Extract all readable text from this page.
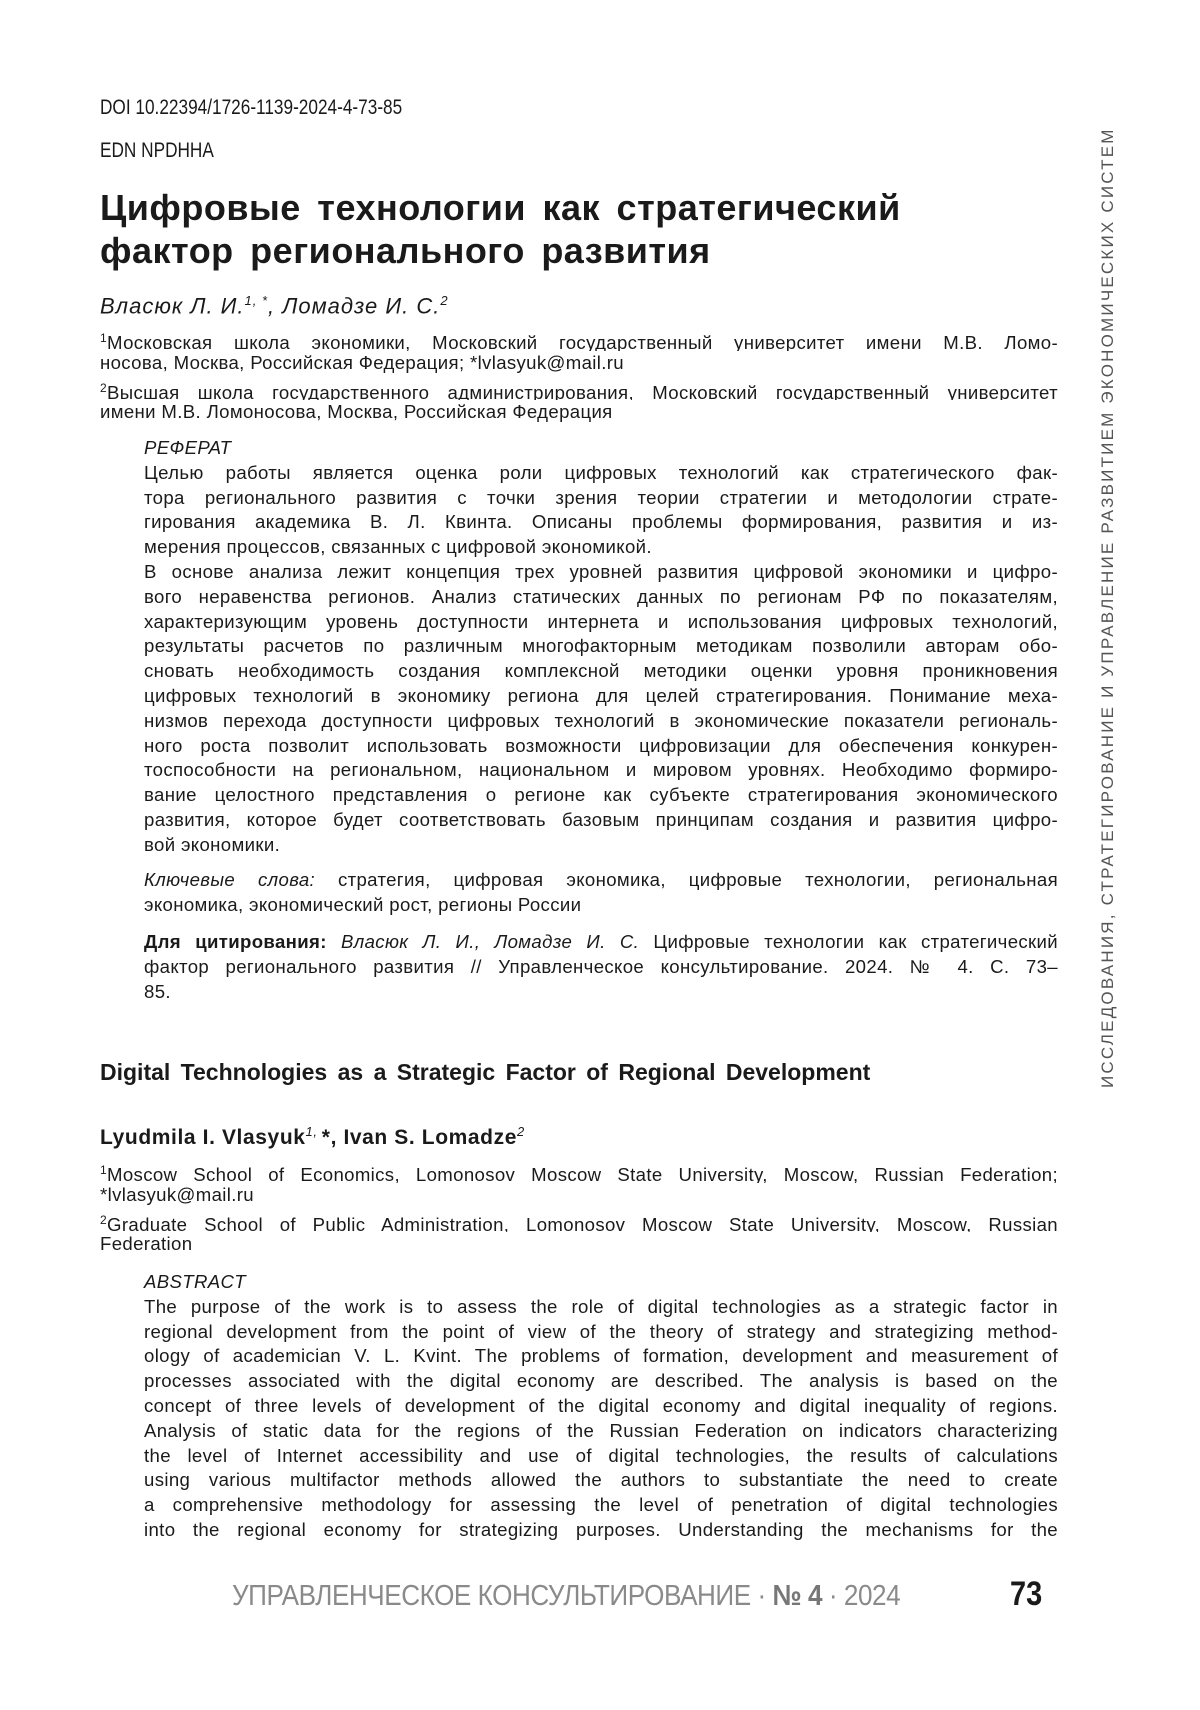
DOI 10.22394/1726-1139-2024-4-73-85
EDN NPDHHA
Цифровые технологии как стратегический
фактор регионального развития
Власюк Л. И.1, *, Ломадзе И. С.2
1Московская школа экономики, Московский государственный университет имени М.В. Ломо-
носова, Москва, Российская Федерация; *lvlasyuk@mail.ru
2Высшая школа государственного администрирования, Московский государственный университет
имени М.В. Ломоносова, Москва, Российская Федерация
РЕФЕРАТ
Целью работы является оценка роли цифровых технологий как стратегического фак-
тора регионального развития с точки зрения теории стратегии и методологии страте-
гирования академика В. Л. Квинта. Описаны проблемы формирования, развития и из-
мерения процессов, связанных с цифровой экономикой.
В основе анализа лежит концепция трех уровней развития цифровой экономики и цифро-
вого неравенства регионов. Анализ статических данных по регионам РФ по показателям,
характеризующим уровень доступности интернета и использования цифровых технологий,
результаты расчетов по различным многофакторным методикам позволили авторам обо-
сновать необходимость создания комплексной методики оценки уровня проникновения
цифровых технологий в экономику региона для целей стратегирования. Понимание меха-
низмов перехода доступности цифровых технологий в экономические показатели региональ-
ного роста позволит использовать возможности цифровизации для обеспечения конкурен-
тоспособности на региональном, национальном и мировом уровнях. Необходимо формиро-
вание целостного представления о регионе как субъекте стратегирования экономического
развития, которое будет соответствовать базовым принципам создания и развития цифро-
вой экономики.
Ключевые слова: стратегия, цифровая экономика, цифровые технологии, региональная
экономика, экономический рост, регионы России
Для цитирования: Власюк Л. И., Ломадзе И. С. Цифровые технологии как стратегический
фактор регионального развития // Управленческое консультирование. 2024. № 4. С. 73–
85.
Digital Technologies as a Strategic Factor of Regional Development
Lyudmila I. Vlasyuk1, *, Ivan S. Lomadze2
1Moscow School of Economics, Lomonosov Moscow State University, Moscow, Russian Federation;
*lvlasyuk@mail.ru
2Graduate School of Public Administration, Lomonosov Moscow State University, Moscow, Russian
Federation
ABSTRACT
The purpose of the work is to assess the role of digital technologies as a strategic factor in
regional development from the point of view of the theory of strategy and strategizing method-
ology of academician V. L. Kvint. The problems of formation, development and measurement of
processes associated with the digital economy are described. The analysis is based on the
concept of three levels of development of the digital economy and digital inequality of regions.
Analysis of static data for the regions of the Russian Federation on indicators characterizing
the level of Internet accessibility and use of digital technologies, the results of calculations
using various multifactor methods allowed the authors to substantiate the need to create
a comprehensive methodology for assessing the level of penetration of digital technologies
into the regional economy for strategizing purposes. Understanding the mechanisms for the
ИССЛЕДОВАНИЯ, СТРАТЕГИРОВАНИЕ И УПРАВЛЕНИЕ РАЗВИТИЕМ ЭКОНОМИЧЕСКИХ СИСТЕМ
УПРАВЛЕНЧЕСКОЕ КОНСУЛЬТИРОВАНИЕ · № 4 · 2024	73
